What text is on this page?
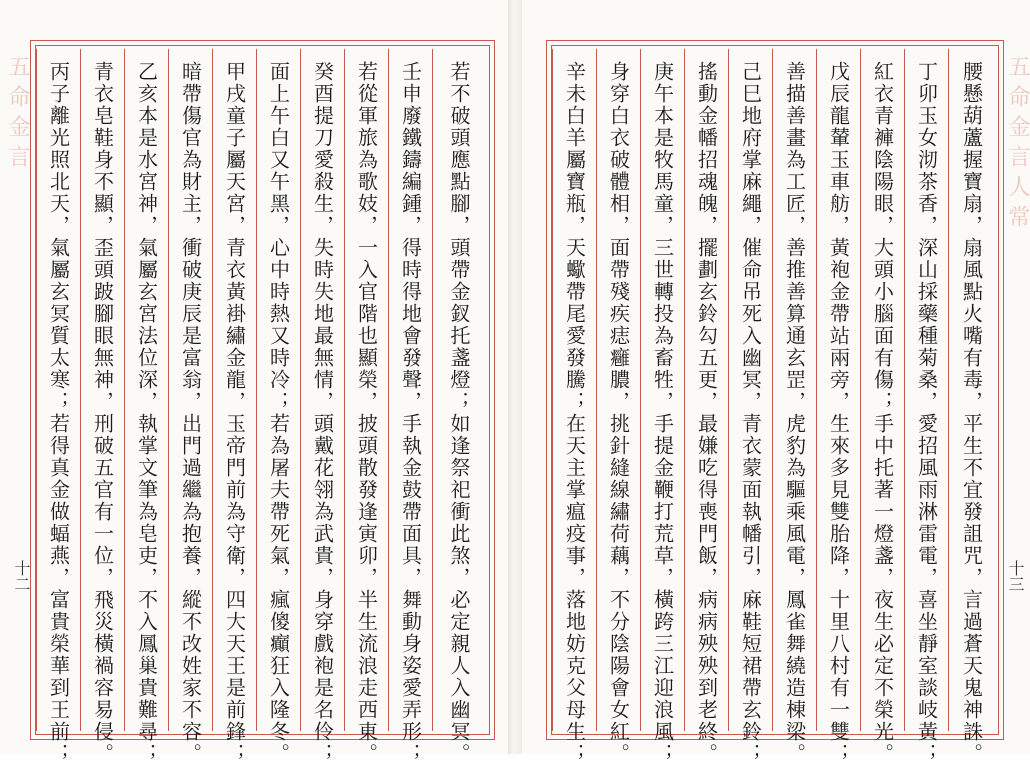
五命金言	五命金言人常
十二	十三
丙子離光照北天，氣屬玄冥質太寒；若得真金做蝠燕，富貴榮華到王前； 青衣皂鞋身不顯，歪頭跛腳眼無神，刑破五官有一位，飛災橫禍容易侵。 乙亥本是水宮神，氣屬玄宮法位深，執掌文筆為皂吏，不入鳳巢貴難尋； 暗帶傷官為財主，衝破庚辰是富翁，出門過繼為抱養，縱不改姓家不容。 甲戌童子屬天宮，青衣黃褂繡金龍，玉帝門前為守衛，四大天王是前鋒； 面上午白又午黑，心中時熱又時冷；若為屠夫帶死氣，瘋傻癲狂入隆冬。 癸酉提刀愛殺生，失時失地最無情，頭戴花翎為武貴，身穿戲袍是名伶； 若從軍旅為歌妓，一入官階也顯榮，披頭散發逢寅卯，半生流浪走西東。 壬申廢鐵鑄編鍾，得時得地會發聲，手執金鼓帶面具，舞動身姿愛弄形； 若不破頭應點腳，頭帶金釵托盞燈；如逢祭祀衝此煞，必定親人入幽冥。	辛未白羊屬寶瓶，天蠍帶尾愛發騰；在天主掌瘟疫事，落地妨克父母生； 身穿白衣破體相，面帶殘疾痣癰膿，挑針縫線繡荷藕，不分陰陽會女紅。 庚午本是牧馬童，三世轉投為畜牲，手提金鞭打荒草，橫跨三江迎浪風； 搖動金幡招魂魄，擺劃玄鈴勾五更，最嫌吃得喪門飯，病病殃殃到老終。 己巳地府掌麻繩，催命吊死入幽冥，青衣蒙面執幡引，麻鞋短裙帶玄鈴； 善描善畫為工匠，善推善算通玄罡，虎豹為驅乘風電，鳳雀舞繞造棟梁。 戊辰龍輦玉車舫，黃袍金帶站兩旁，生來多見雙胎降，十里八村有一雙； 紅衣青褲陰陽眼，大頭小腦面有傷；手中托著一燈盞，夜生必定不榮光。 丁卯玉女沏茶香，深山採藥種菊桑，愛招風雨淋雷電，喜坐靜室談岐黃； 腰懸葫蘆握寶扇，扇風點火嘴有毒，平生不宜發詛咒，言過蒼天鬼神誅。
